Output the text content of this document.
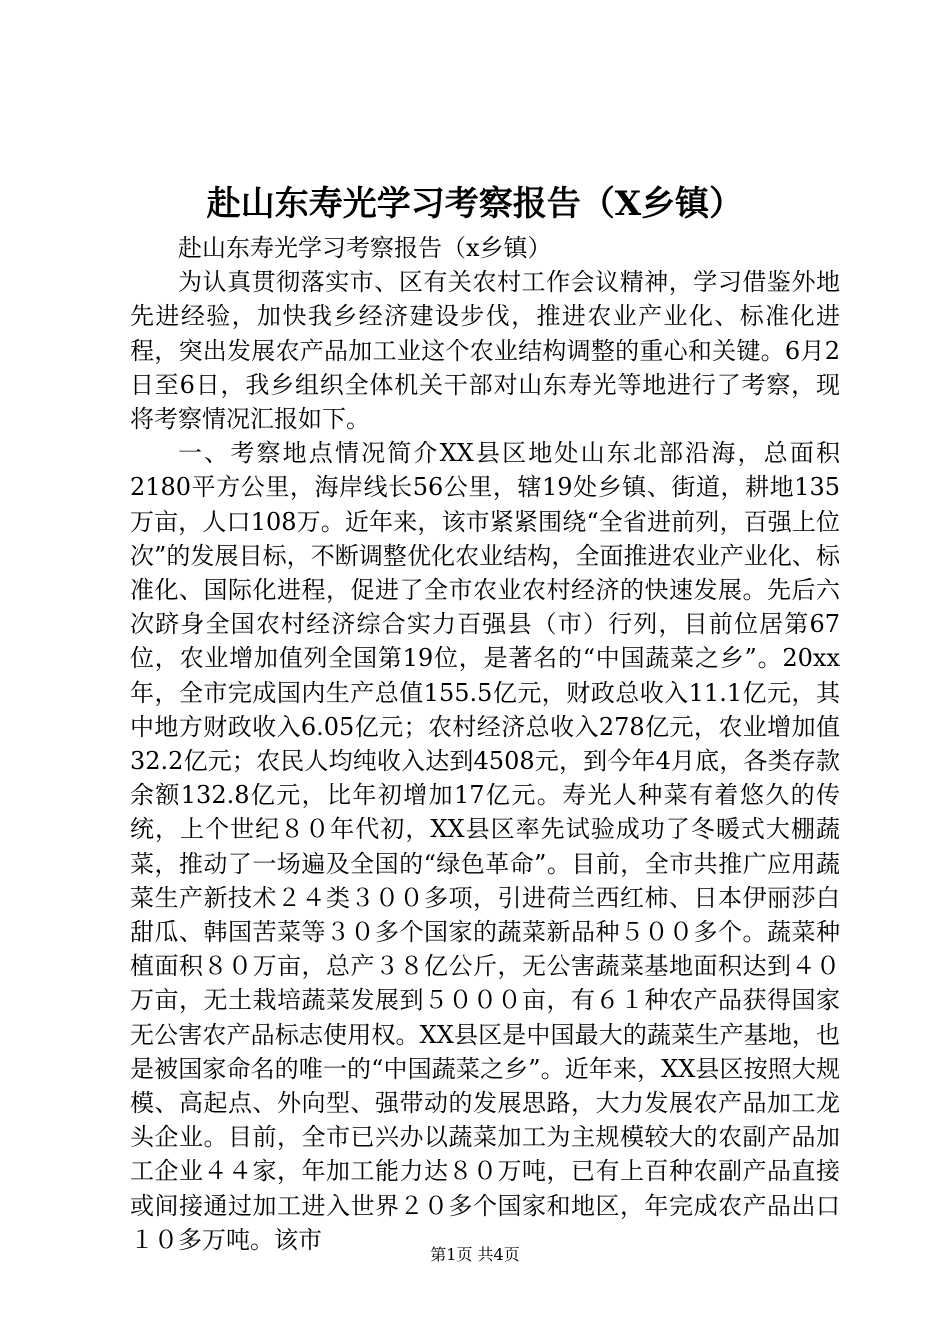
赴山东寿光学习考察报告（X乡镇）

赴山东寿光学习考察报告（x乡镇）

为认真贯彻落实市、区有关农村工作会议精神，学习借鉴外地先进经验，加快我乡经济建设步伐，推进农业产业化、标准化进程，突出发展农产品加工业这个农业结构调整的重心和关键。6月2日至6日，我乡组织全体机关干部对山东寿光等地进行了考察，现将考察情况汇报如下。

一、考察地点情况简介XX县区地处山东北部沿海，总面积2180平方公里，海岸线长56公里，辖19处乡镇、街道，耕地135万亩，人口108万。近年来，该市紧紧围绕“全省进前列，百强上位次”的发展目标，不断调整优化农业结构，全面推进农业产业化、标准化、国际化进程，促进了全市农业农村经济的快速发展。先后六次跻身全国农村经济综合实力百强县（市）行列，目前位居第67位，农业增加值列全国第19位，是著名的“中国蔬菜之乡”。20xx年，全市完成国内生产总值155.5亿元，财政总收入11.1亿元，其中地方财政收入6.05亿元；农村经济总收入278亿元，农业增加值32.2亿元；农民人均纯收入达到4508元，到今年4月底，各类存款余额132.8亿元，比年初增加17亿元。寿光人种菜有着悠久的传统，上个世纪８０年代初，XX县区率先试验成功了冬暖式大棚蔬菜，推动了一场遍及全国的“绿色革命”。目前，全市共推广应用蔬菜生产新技术２４类３００多项，引进荷兰西红柿、日本伊丽莎白甜瓜、韩国苦菜等３０多个国家的蔬菜新品种５００多个。蔬菜种植面积８０万亩，总产３８亿公斤，无公害蔬菜基地面积达到４０万亩，无土栽培蔬菜发展到５０００亩，有６１种农产品获得国家无公害农产品标志使用权。XX县区是中国最大的蔬菜生产基地，也是被国家命名的唯一的“中国蔬菜之乡”。近年来，XX县区按照大规模、高起点、外向型、强带动的发展思路，大力发展农产品加工龙头企业。目前，全市已兴办以蔬菜加工为主规模较大的农副产品加工企业４４家，年加工能力达８０万吨，已有上百种农副产品直接或间接通过加工进入世界２０多个国家和地区，年完成农产品出口１０多万吨。该市

第1页 共4页
